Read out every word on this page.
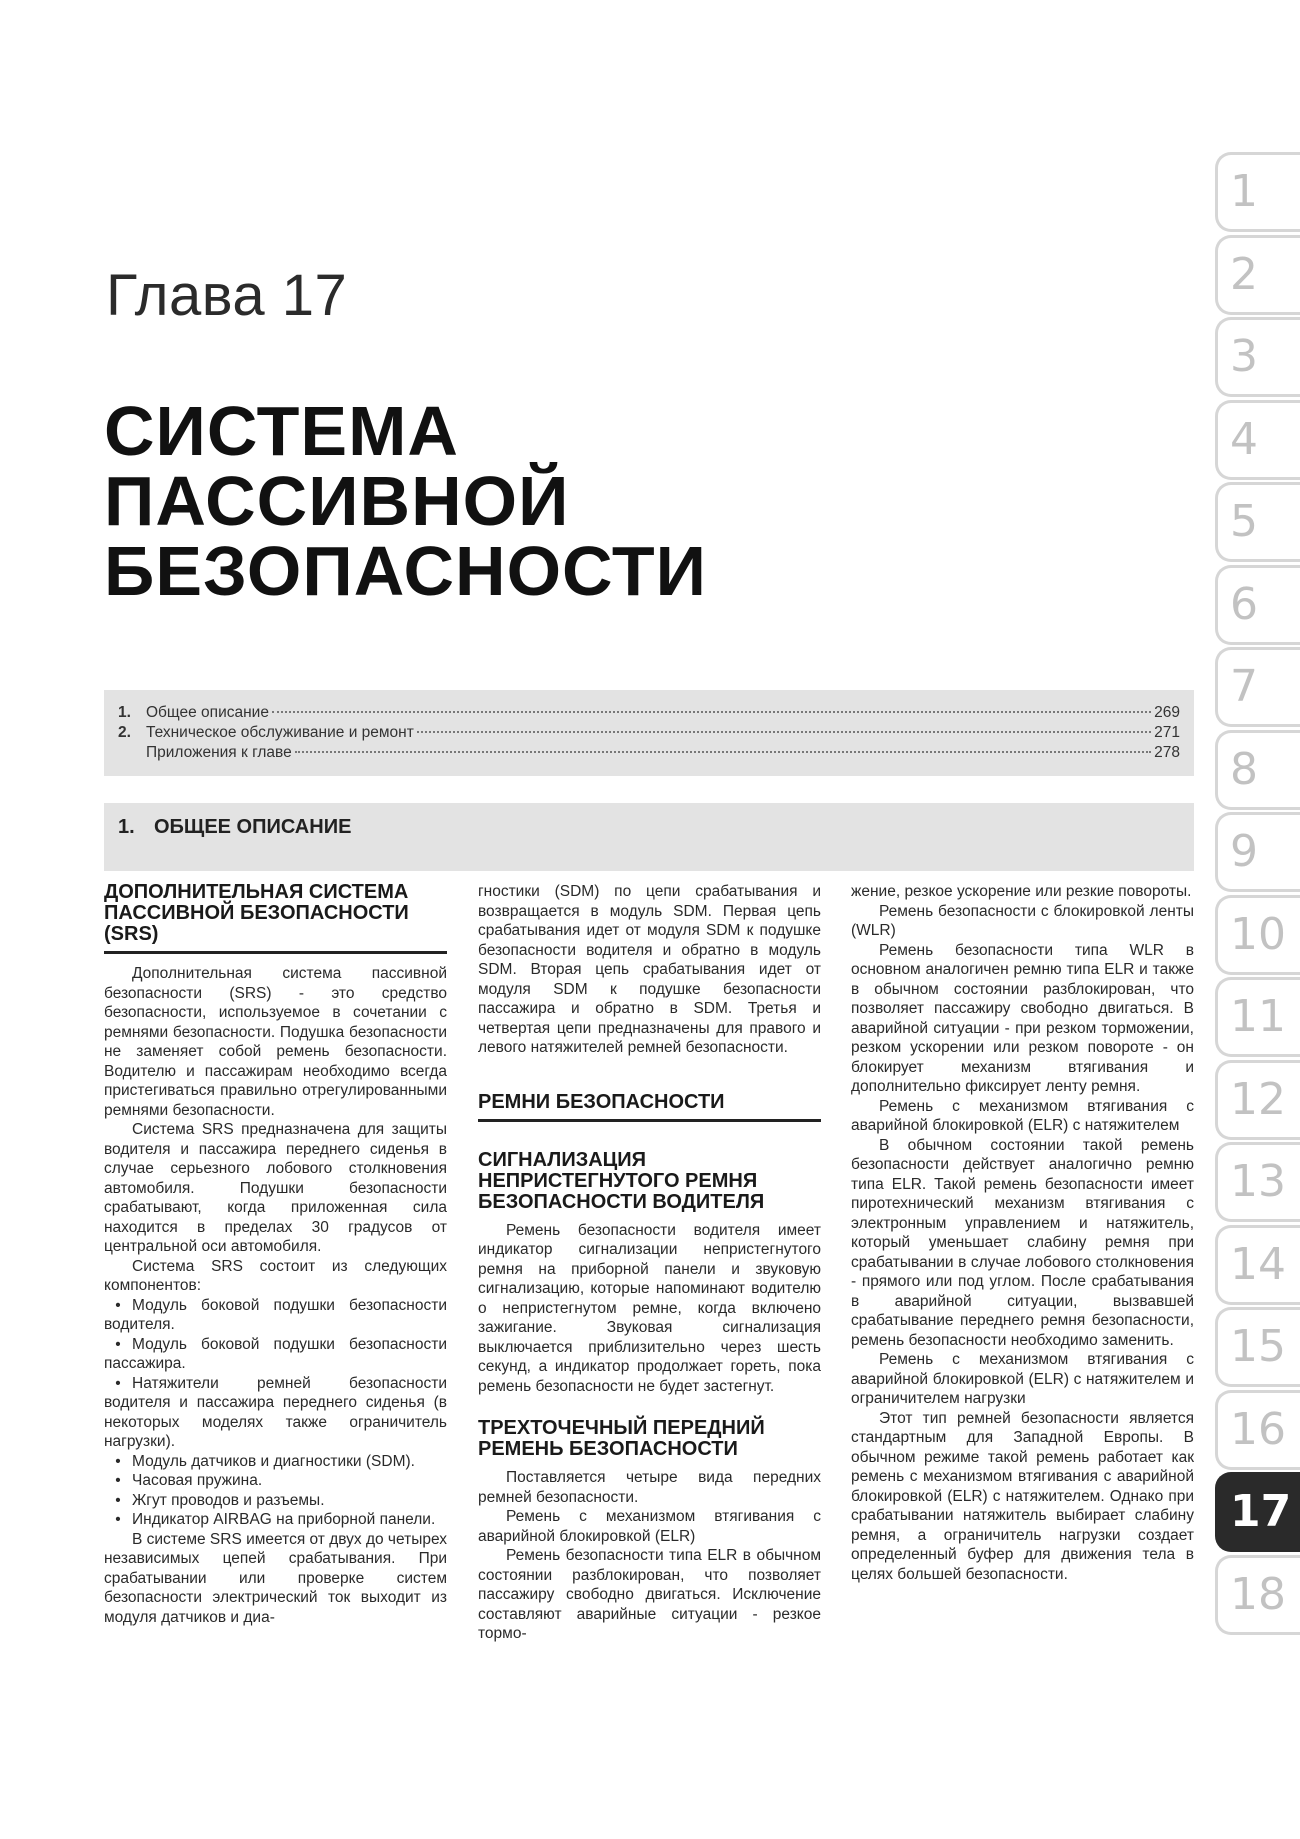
Глава 17
СИСТЕМА
ПАССИВНОЙ
БЕЗОПАСНОСТИ
1. Общее описание	269
2. Техническое обслуживание и ремонт	271
Приложения к главе	278
1. ОБЩЕЕ ОПИСАНИЕ
ДОПОЛНИТЕЛЬНАЯ СИСТЕМА ПАССИВНОЙ БЕЗОПАСНОСТИ (SRS)

Дополнительная система пассивной безопасности (SRS) - это средство безопасности, используемое в сочетании с ремнями безопасности. Подушка безопасности не заменяет собой ремень безопасности. Водителю и пассажирам необходимо всегда пристегиваться правильно отрегулированными ремнями безопасности.

Система SRS предназначена для защиты водителя и пассажира переднего сиденья в случае серьезного лобового столкновения автомобиля. Подушки безопасности срабатывают, когда приложенная сила находится в пределах 30 градусов от центральной оси автомобиля.

Система SRS состоит из следующих компонентов:

• Модуль боковой подушки безопасности водителя.

• Модуль боковой подушки безопасности пассажира.

• Натяжители ремней безопасности водителя и пассажира переднего сиденья (в некоторых моделях также ограничитель нагрузки).

• Модуль датчиков и диагностики (SDM).

• Часовая пружина.

• Жгут проводов и разъемы.

• Индикатор AIRBAG на приборной панели.

В системе SRS имеется от двух до четырех независимых цепей срабатывания. При срабатывании или проверке систем безопасности электрический ток выходит из модуля датчиков и диа-

гностики (SDM) по цепи срабатывания и возвращается в модуль SDM. Первая цепь срабатывания идет от модуля SDM к подушке безопасности водителя и обратно в модуль SDM. Вторая цепь срабатывания идет от модуля SDM к подушке безопасности пассажира и обратно в SDM. Третья и четвертая цепи предназначены для правого и левого натяжителей ремней безопасности.

РЕМНИ БЕЗОПАСНОСТИ
СИГНАЛИЗАЦИЯ НЕПРИСТЕГНУТОГО РЕМНЯ БЕЗОПАСНОСТИ ВОДИТЕЛЯ

Ремень безопасности водителя имеет индикатор сигнализации непристегнутого ремня на приборной панели и звуковую сигнализацию, которые напоминают водителю о непристегнутом ремне, когда включено зажигание. Звуковая сигнализация выключается приблизительно через шесть секунд, а индикатор продолжает гореть, пока ремень безопасности не будет застегнут.

ТРЕХТОЧЕЧНЫЙ ПЕРЕДНИЙ РЕМЕНЬ БЕЗОПАСНОСТИ

Поставляется четыре вида передних ремней безопасности.

Ремень с механизмом втягивания с аварийной блокировкой (ELR)

Ремень безопасности типа ELR в обычном состоянии разблокирован, что позволяет пассажиру свободно двигаться. Исключение составляют аварийные ситуации - резкое тормо-

жение, резкое ускорение или резкие повороты.

Ремень безопасности с блокировкой ленты (WLR)

Ремень безопасности типа WLR в основном аналогичен ремню типа ELR и также в обычном состоянии разблокирован, что позволяет пассажиру свободно двигаться. В аварийной ситуации - при резком торможении, резком ускорении или резком повороте - он блокирует механизм втягивания и дополнительно фиксирует ленту ремня.

Ремень с механизмом втягивания с аварийной блокировкой (ELR) с натяжителем

В обычном состоянии такой ремень безопасности действует аналогично ремню типа ELR. Такой ремень безопасности имеет пиротехнический механизм втягивания с электронным управлением и натяжитель, который уменьшает слабину ремня при срабатывании в случае лобового столкновения - прямого или под углом. После срабатывания в аварийной ситуации, вызвавшей срабатывание переднего ремня безопасности, ремень безопасности необходимо заменить.

Ремень с механизмом втягивания с аварийной блокировкой (ELR) с натяжителем и ограничителем нагрузки

Этот тип ремней безопасности является стандартным для Западной Европы. В обычном режиме такой ремень работает как ремень с механизмом втягивания с аварийной блокировкой (ELR) с натяжителем. Однако при срабатывании натяжитель выбирает слабину ремня, а ограничитель нагрузки создает определенный буфер для движения тела в целях большей безопасности.

1
2
3
4
5
6
7
8
9
10
11
12
13
14
15
16
17
18
